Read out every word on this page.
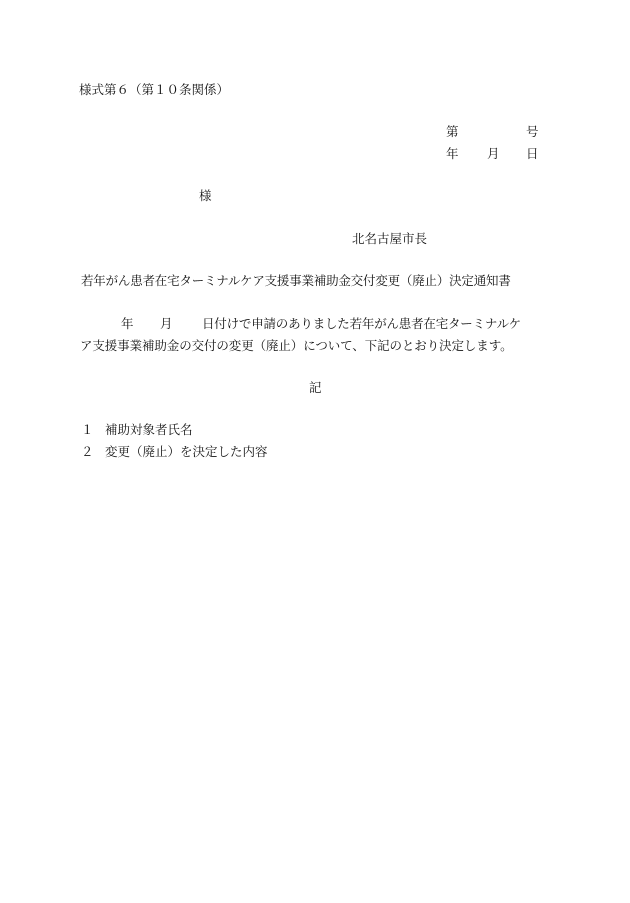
様式第６（第１０条関係）
第	号
年 月 日
様
北名古屋市長
若年がん患者在宅ターミナルケア支援事業補助金交付変更（廃止）決定通知書
年 月 日付けで申請のありました若年がん患者在宅ターミナルケ
ア支援事業補助金の交付の変更（廃止）について、下記のとおり決定します。
記
１ 補助対象者氏名
２ 変更（廃止）を決定した内容
